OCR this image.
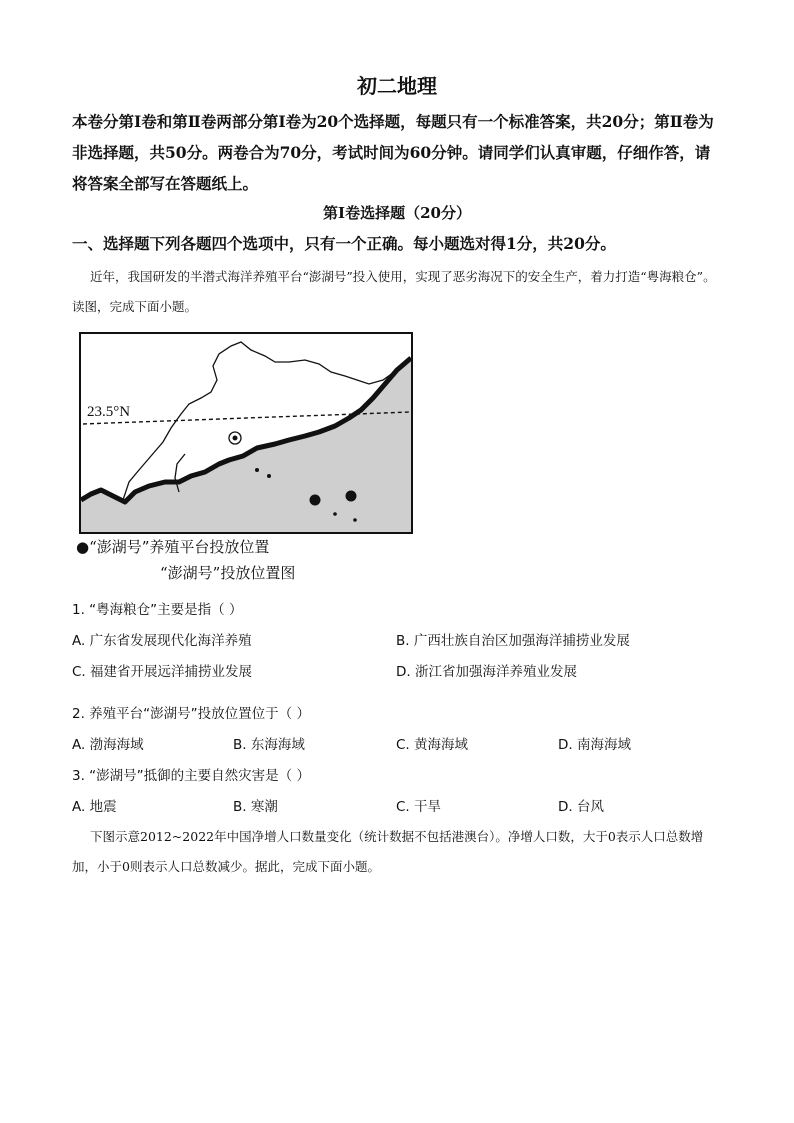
初二地理
本卷分第Ⅰ卷和第Ⅱ卷两部分第Ⅰ卷为20个选择题，每题只有一个标准答案，共20分；第Ⅱ卷为非选择题，共50分。两卷合为70分，考试时间为60分钟。请同学们认真审题，仔细作答，请将答案全部写在答题纸上。
第Ⅰ卷选择题（20分）
一、选择题下列各题四个选项中，只有一个正确。每小题选对得1分，共20分。
近年，我国研发的半潜式海洋养殖平台“澎湖号”投入使用，实现了恶劣海况下的安全生产，着力打造“粤海粮仓”。读图，完成下面小题。
23.5°N
●“澎湖号”养殖平台投放位置
“澎湖号”投放位置图
1. “粤海粮仓”主要是指（ ）
A. 广东省发展现代化海洋养殖	B. 广西壮族自治区加强海洋捕捞业发展
C. 福建省开展远洋捕捞业发展	D. 浙江省加强海洋养殖业发展
2. 养殖平台“澎湖号”投放位置位于（ ）
A. 渤海海域	B. 东海海域	C. 黄海海域	D. 南海海域
3. “澎湖号”抵御的主要自然灾害是（ ）
A. 地震	B. 寒潮	C. 干旱	D. 台风
下图示意2012~2022年中国净增人口数量变化（统计数据不包括港澳台）。净增人口数，大于0表示人口总数增加，小于0则表示人口总数减少。据此，完成下面小题。
